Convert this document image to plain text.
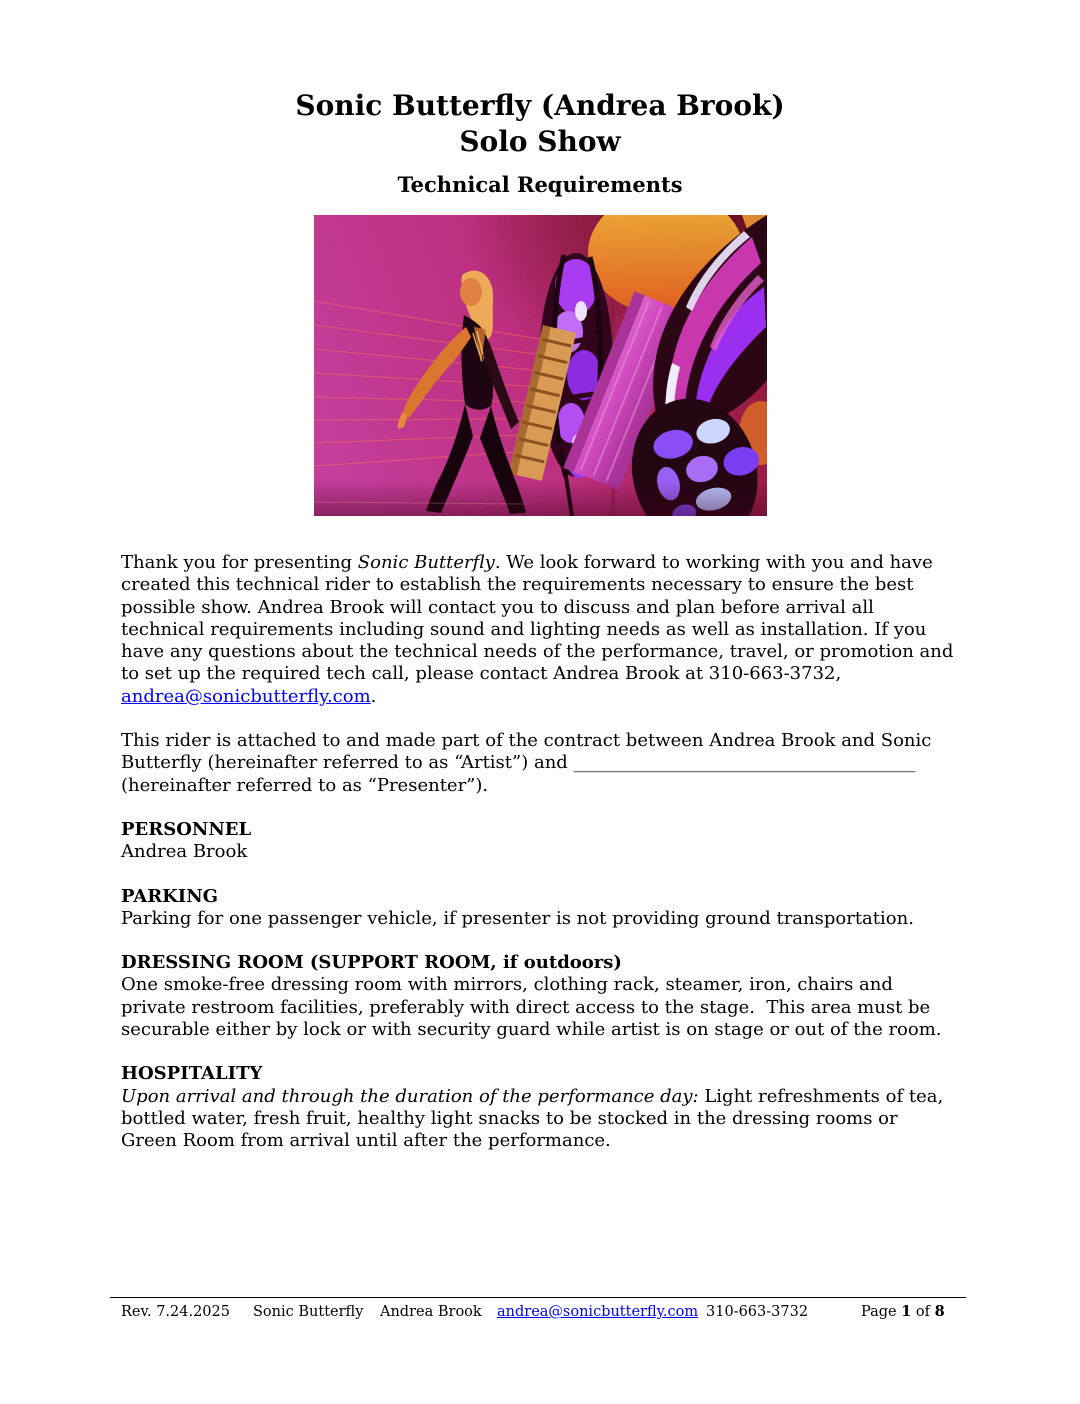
Sonic Butterfly (Andrea Brook)
Solo Show
Technical Requirements

Thank you for presenting Sonic Butterfly. We look forward to working with you and have created this technical rider to establish the requirements necessary to ensure the best possible show. Andrea Brook will contact you to discuss and plan before arrival all technical requirements including sound and lighting needs as well as installation. If you have any questions about the technical needs of the performance, travel, or promotion and to set up the required tech call, please contact Andrea Brook at 310-663-3732, andrea@sonicbutterfly.com.

This rider is attached to and made part of the contract between Andrea Brook and Sonic Butterfly (hereinafter referred to as “Artist”) and ______________________________________ (hereinafter referred to as “Presenter”).

PERSONNEL
Andrea Brook

PARKING
Parking for one passenger vehicle, if presenter is not providing ground transportation.

DRESSING ROOM (SUPPORT ROOM, if outdoors)
One smoke-free dressing room with mirrors, clothing rack, steamer, iron, chairs and private restroom facilities, preferably with direct access to the stage.  This area must be securable either by lock or with security guard while artist is on stage or out of the room.

HOSPITALITY
Upon arrival and through the duration of the performance day: Light refreshments of tea, bottled water, fresh fruit, healthy light snacks to be stocked in the dressing rooms or Green Room from arrival until after the performance.

Rev. 7.24.2025 Sonic Butterfly Andrea Brook andrea@sonicbutterfly.com 310-663-3732	Page 1 of 8
